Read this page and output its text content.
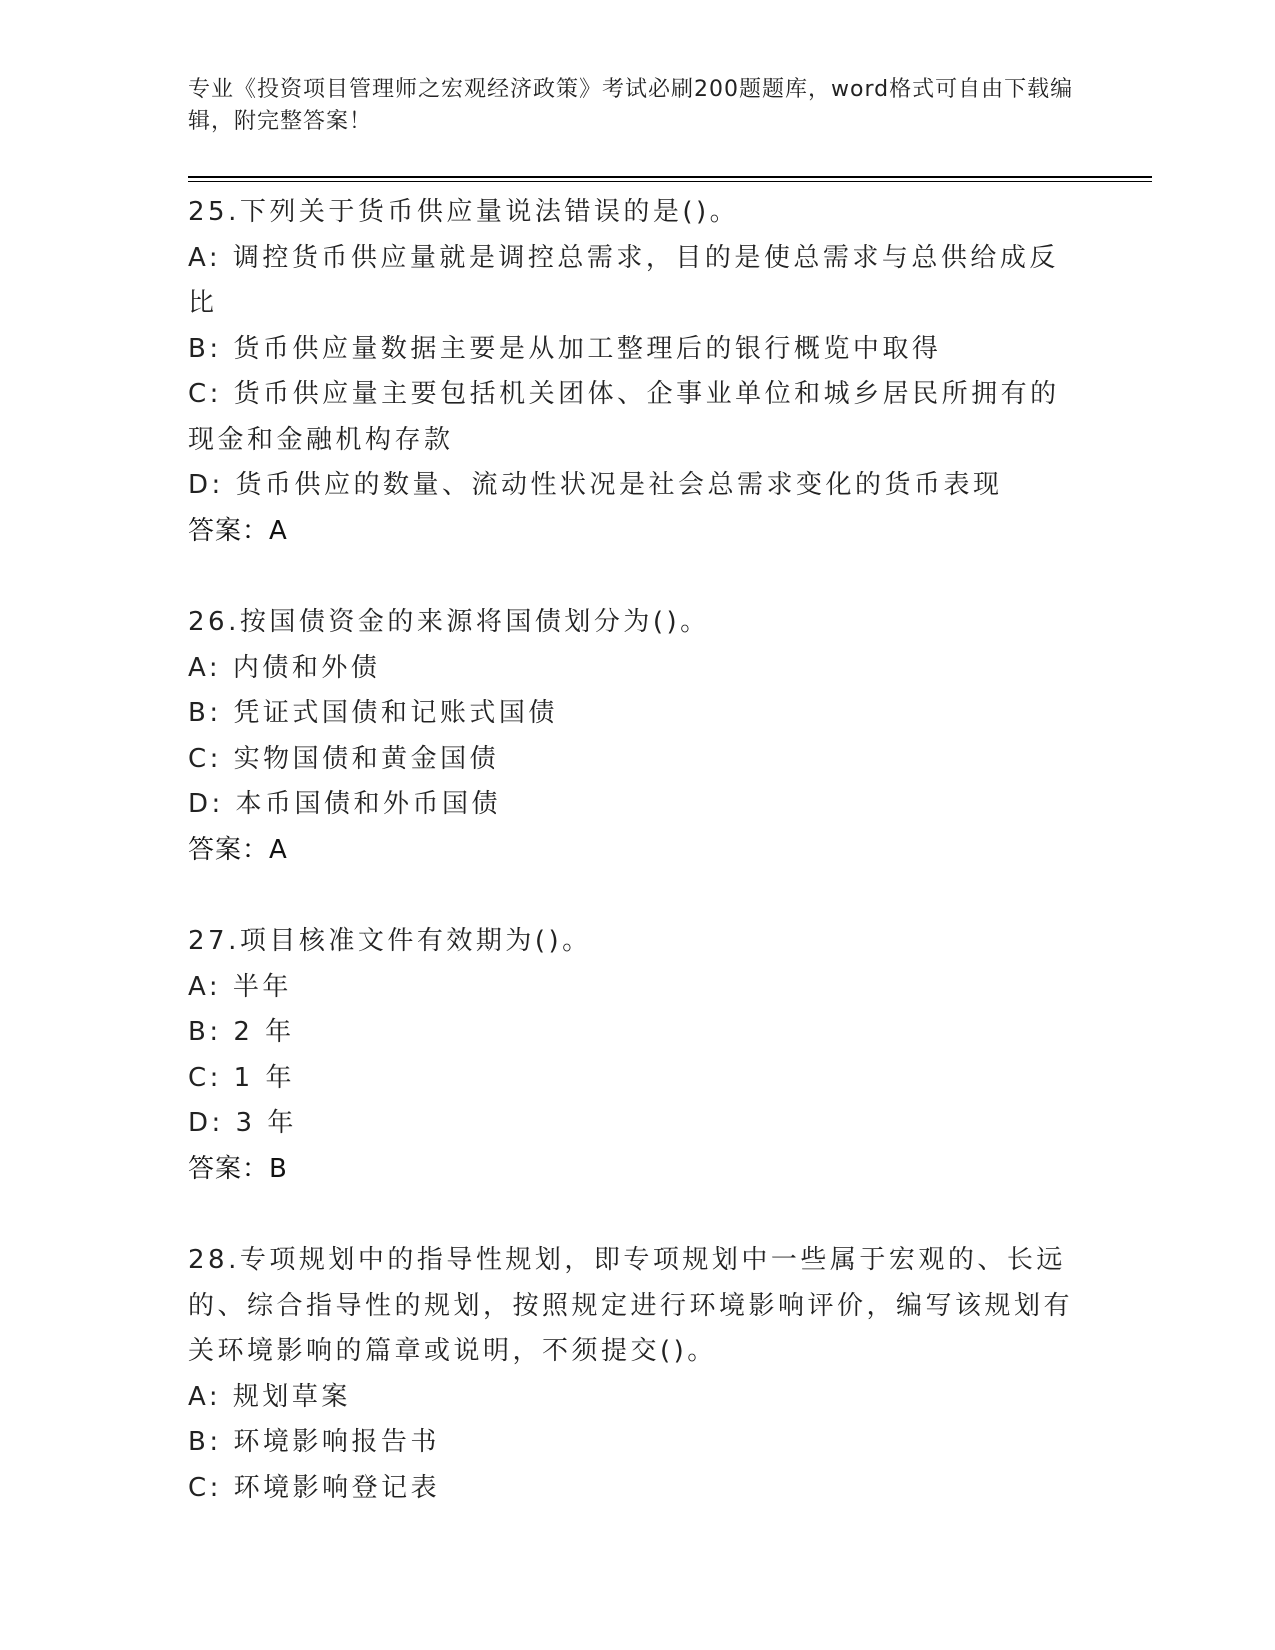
专业《投资项目管理师之宏观经济政策》考试必刷200题题库，word格式可自由下载编辑，附完整答案！
25.下列关于货币供应量说法错误的是()。
A: 调控货币供应量就是调控总需求，目的是使总需求与总供给成反比
B: 货币供应量数据主要是从加工整理后的银行概览中取得
C: 货币供应量主要包括机关团体、企事业单位和城乡居民所拥有的现金和金融机构存款
D: 货币供应的数量、流动性状况是社会总需求变化的货币表现
答案：A
26.按国债资金的来源将国债划分为()。
A: 内债和外债
B: 凭证式国债和记账式国债
C: 实物国债和黄金国债
D: 本币国债和外币国债
答案：A
27.项目核准文件有效期为()。
A: 半年
B: 2 年
C: 1 年
D: 3 年
答案：B
28.专项规划中的指导性规划，即专项规划中一些属于宏观的、长远的、综合指导性的规划，按照规定进行环境影响评价，编写该规划有关环境影响的篇章或说明，不须提交()。
A: 规划草案
B: 环境影响报告书
C: 环境影响登记表
